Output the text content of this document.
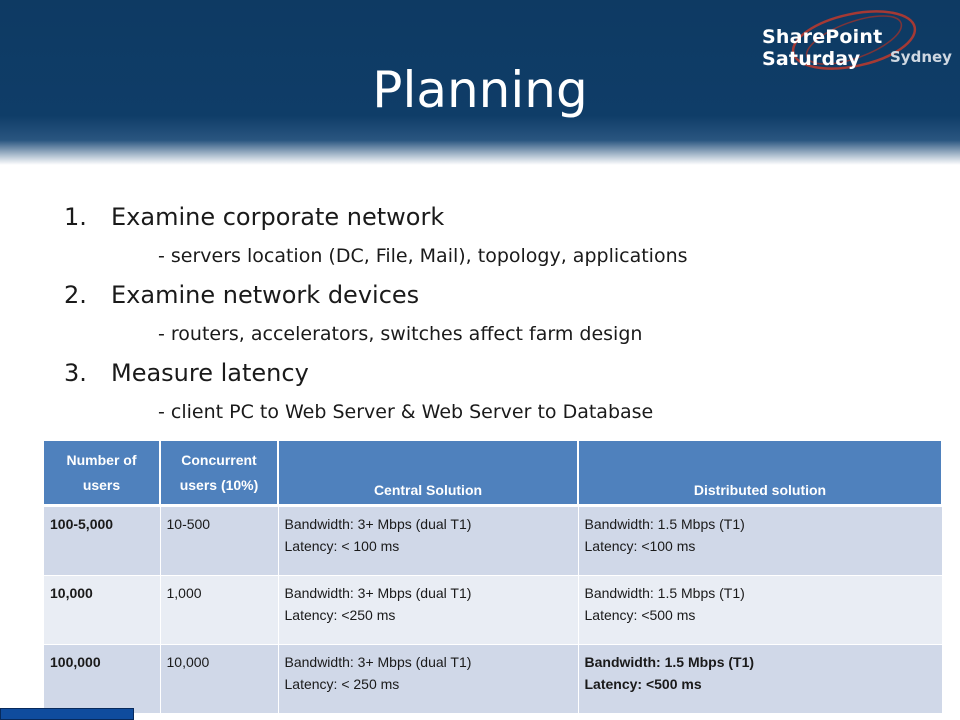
Planning
SharePoint Saturday	Sydney
1. Examine corporate network
- servers location (DC, File, Mail), topology, applications
2. Examine network devices
- routers, accelerators, switches affect farm design
3. Measure latency
- client PC to Web Server & Web Server to Database
Number of users	Concurrent users (10%)	Central Solution	Distributed solution

100-5,000	10-500	Bandwidth: 3+ Mbps (dual T1)
Latency: < 100 ms	Bandwidth: 1.5 Mbps (T1)
Latency: <100 ms

10,000	1,000	Bandwidth: 3+ Mbps (dual T1)
Latency: <250 ms	Bandwidth: 1.5 Mbps (T1)
Latency: <500 ms

100,000	10,000	Bandwidth: 3+ Mbps (dual T1)
Latency: < 250 ms	Bandwidth: 1.5 Mbps (T1)
Latency: <500 ms
